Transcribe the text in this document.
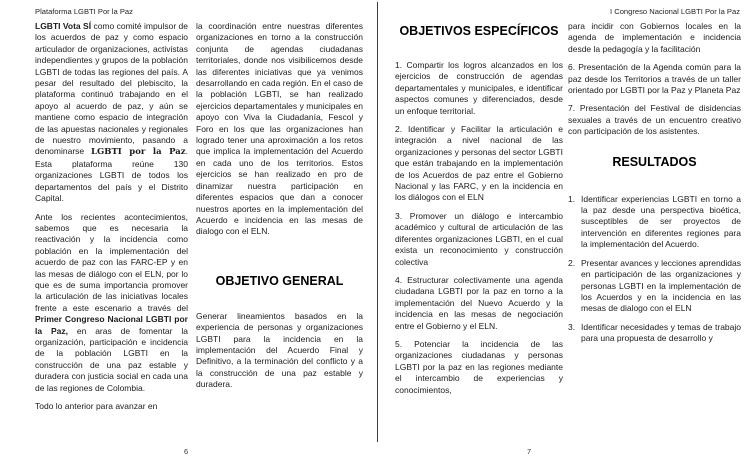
Plataforma LGBTI Por la Paz	I Congreso Nacional LGBTI Por la Paz

LGBTI Vota SÍ como comité impulsor de los acuerdos de paz y como espacio articulador de organizaciones, activistas independientes y grupos de la población LGBTI de todas las regiones del país. A pesar del resultado del plebiscito, la plataforma continuó trabajando en el apoyo al acuerdo de paz, y aún se mantiene como espacio de integración de las apuestas nacionales y regionales de nuestro movimiento, pasando a denominarse LGBTI por la Paz. Esta plataforma reúne 130 organizaciones LGBTI de todos los departamentos del país y el Distrito Capital.

Ante los recientes acontecimientos, sabemos que es necesaria la reactivación y la incidencia como población en la implementación del acuerdo de paz con las FARC-EP y en las mesas de diálogo con el ELN, por lo que es de suma importancia promover la articulación de las iniciativas locales frente a este escenario a través del Primer Congreso Nacional LGBTI por la Paz, en aras de fomentar la organización, participación e incidencia de la población LGBTI en la construcción de una paz estable y duradera con justicia social en cada una de las regiones de Colombia.

Todo lo anterior para avanzar en

la coordinación entre nuestras diferentes organizaciones en torno a la construcción conjunta de agendas ciudadanas territoriales, donde nos visibilicemos desde las diferentes iniciativas que ya venimos desarrollando en cada región. En el caso de la población LGBTI, se han realizado ejercicios departamentales y municipales en apoyo con Viva la Ciudadanía, Fescol y Foro en los que las organizaciones han logrado tener una aproximación a los retos que implica la implementación del Acuerdo en cada uno de los territorios. Estos ejercicios se han realizado en pro de dinamizar nuestra participación en diferentes espacios que dan a conocer nuestros aportes en la implementación del Acuerdo e incidencia en las mesas de dialogo con el ELN.

OBJETIVO GENERAL

Generar lineamientos basados en la experiencia de personas y organizaciones LGBTI para la incidencia en la implementación del Acuerdo Final y Definitivo, a la terminación del conflicto y a la construcción de una paz estable y duradera.

OBJETIVOS ESPECÍFICOS

1. Compartir los logros alcanzados en los ejercicios de construcción de agendas departamentales y municipales, e identificar aspectos comunes y diferenciados, desde un enfoque territorial.

2. Identificar y Facilitar la articulación e integración a nivel nacional de las organizaciones y personas del sector LGBTI que están trabajando en la implementación de los Acuerdos de paz entre el Gobierno Nacional y las FARC, y en la incidencia en los diálogos con el ELN

3. Promover un diálogo e intercambio académico y cultural de articulación de las diferentes organizaciones LGBTI, en el cual exista un reconocimiento y construcción colectiva

4. Estructurar colectivamente una agenda ciudadana LGBTI por la paz en torno a la implementación del Nuevo Acuerdo y la incidencia en las mesas de negociación entre el Gobierno y el ELN.

5. Potenciar la incidencia de las organizaciones ciudadanas y personas LGBTI por la paz en las regiones mediante el intercambio de experiencias y conocimientos,

para incidir con Gobiernos locales en la agenda de implementación e incidencia desde la pedagogía y la facilitación

6. Presentación de la Agenda común para la paz desde los Territorios a través de un taller orientado por LGBTI por la Paz y Planeta Paz

7. Presentación del Festival de disidencias sexuales a través de un encuentro creativo con participación de los asistentes.

RESULTADOS
1. Identificar experiencias LGBTI en torno a la paz desde una perspectiva bioética, susceptibles de ser proyectos de intervención en diferentes regiones para la implementación del Acuerdo.
2. Presentar avances y lecciones aprendidas en participación de las organizaciones y personas LGBTI en la implementación de los Acuerdos y en la incidencia en las mesas de dialogo con el ELN
3. Identificar necesidades y temas de trabajo para una propuesta de desarrollo y
6	7
